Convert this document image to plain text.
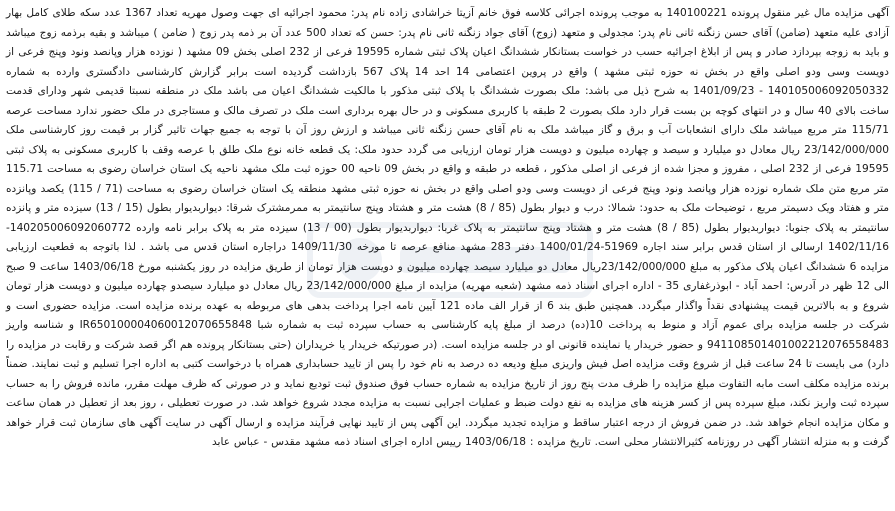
آگهی مزایده مال غیر منقول پرونده 140100221 به موجب پرونده اجرائی کلاسه فوق خانم آزیتا خراشادی زاده نام پدر: محمود اجرائیه ای جهت وصول مهریه تعداد 1367 عدد سکه طلای کامل بهار آزادی علیه متعهد (ضامن) آقای حسن زنگنه ثانی نام پدر: مجدولی و متعهد (زوج) آقای جواد زنگنه ثانی نام پدر: حسن که تعداد 500 عدد آن بر ذمه پدر زوج ( ضامن ) میباشد و بقیه برذمه زوج میباشد و باید به زوجه بپردازد صادر و پس از ابلاغ اجرائیه حسب در خواست بستانکار ششدانگ اعیان پلاک ثبتی شماره 19595 فرعی از 232 اصلی بخش 09 مشهد ( نوزده هزار وپانصد ونود وپنج فرعی از دویست وسی ودو اصلی واقع در بخش نه حوزه ثبتی مشهد ) واقع در پروین اعتصامی 14 احد 14 پلاک 567 بازداشت گردیده است برابر گزارش کارشناسی دادگستری وارده به شماره 140105006092050332 - 1401/09/23 به شرح ذیل می باشد: ملک بصورت ششدانگ با پلاک ثبتی مذکور با مالکیت ششدانگ اعیان می باشد ملک در منطقه نسبتا قدیمی شهر ودارای قدمت ساخت بالای 40 سال و در انتهای کوچه بن بست قرار دارد ملک بصورت 2 طبقه با کاربری مسکونی و در حال بهره برداری است ملک در تصرف مالک و مستاجری در ملک حضور ندارد مساحت عرصه 115/71 متر مربع میباشد ملک دارای انشعابات آب و برق و گاز میباشد ملک به نام آقای حسن زنگنه ثانی میباشد و ارزش روز آن با توجه به جمیع جهات تاثیر گزار بر قیمت روز کارشناسی ملک 23/142/000/000 ریال معادل دو میلیارد و سیصد و چهارده میلیون و دویست هزار تومان ارزیابی می گردد حدود ملک: یک قطعه خانه نوع ملک طلق با عرصه وقف با کاربری مسکونی به پلاک ثبتی 19595 فرعی از 232 اصلی ، مفروز و مجزا شده از فرعی از اصلی مذکور ، قطعه در طبقه و واقع در بخش 09 ناحیه 00 حوزه ثبت ملک مشهد ناحیه یک استان خراسان رضوی به مساحت 115.71 متر مربع متن ملک شماره نوزده هزار وپانصد ونود وپنج فرعی از دویست وسی ودو اصلی واقع در بخش نه حوزه ثبتی مشهد منطقه یک استان خراسان رضوی به مساحت (71 / 115) یکصد وپانزده متر و هفتاد ویک دسیمتر مربع ، توضیحات ملک به حدود: شمالا: درب و دیوار بطول (85 / 8) هشت متر و هشتاد وپنج سانتیمتر به ممرمشترک شرقا: دیواربدیوار بطول (15 / 13) سیزده متر و پانزده سانتیمتر به پلاک جنوبا: دیواربدیوار بطول (85 / 8) هشت متر و هشتاد وپنج سانتیمتر به پلاک غربا: دیواربدیوار بطول (00 / 13) سیزده متر به پلاک برابر نامه وارده 140205006092060772-1402/11/16 ارسالی از استان قدس برابر سند اجاره 51969-1400/01/24 دفتر 283 مشهد منافع عرصه تا مورخه 1409/11/30 دراجاره استان قدس می باشد . لذا باتوجه به قطعیت ارزیابی مزایده 6 ششدانگ اعیان پلاک مذکور به مبلغ 23/142/000/000ریال معادل دو میلیارد سیصد چهارده میلیون و دویست هزار تومان از طریق مزایده در روز یکشنبه مورخ 1403/06/18 ساعت 9 صبح الی 12 ظهر در آدرس: احمد آباد - ابوذرغفاری 35 - اداره اجرای اسناد ذمه مشهد (شعبه مهریه) مزایده از مبلغ 23/142/000/000 ریال معادل دو میلیارد سیصدو چهارده میلیون و دویست هزار تومان شروع و به بالاترین قیمت پیشنهادی نقداً واگذار میگردد. همچنین طبق بند 6 از قرار الف ماده 121 آیین نامه اجرا پرداخت بدهی های مربوطه به عهده برنده مزایده است. مزایده حضوری است و شرکت در جلسه مزایده برای عموم آزاد و منوط به پرداخت 10(ده) درصد از مبلغ پایه کارشناسی به حساب سپرده ثبت به شماره شبا IR650100004060012070655848 و شناسه واریز 941108501401002212076558483 و حضور خریدار یا نماینده قانونی او در جلسه مزایده است. (در صورتیکه خریدار یا خریداران (حتی بستانکار پرونده هم اگر قصد شرکت و رقابت در مزایده را دارد) می بایست تا 24 ساعت قبل از شروع وقت مزایده اصل فیش واریزی مبلغ ودیعه ده درصد به نام خود را پس از تایید حسابداری همراه با درخواست کتبی به اداره اجرا تسلیم و ثبت نمایند. ضمناً برنده مزایده مکلف است مابه التفاوت مبلغ مزایده را ظرف مدت پنج روز از تاریخ مزایده به شماره حساب فوق صندوق ثبت تودیع نماید و در صورتی که ظرف مهلت مقرر، مانده فروش را به حساب سپرده ثبت واریز نکند، مبلغ سپرده پس از کسر هزینه های مزایده به نفع دولت ضبط و عملیات اجرایی نسبت به مزایده مجدد شروع خواهد شد. در صورت تعطیلی ، روز بعد از تعطیل در همان ساعت و مکان مزایده انجام خواهد شد. در ضمن فروش از درجه اعتبار ساقط و مزایده تجدید میگردد. این آگهی پس از تایید نهایی فرآیند مزایده و ارسال آگهی در سایت آگهی های سازمان ثبت قرار خواهد گرفت و به منزله انتشار آگهی در روزنامه کثیرالانتشار محلی است. تاریخ مزایده : 1403/06/18 رییس اداره اجرای اسناد ذمه مشهد مقدس - عباس عابد
